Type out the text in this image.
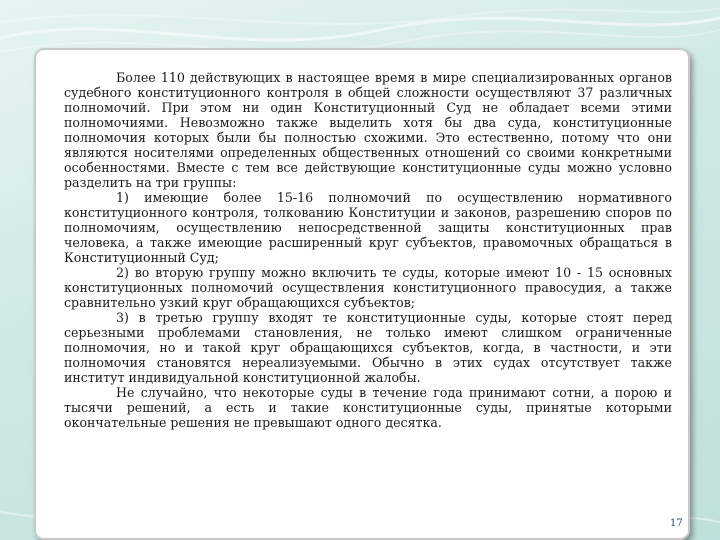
Более 110 действующих в настоящее время в мире специализированных органов судебного конституционного контроля в общей сложности осуществляют 37 различных полномочий. При этом ни один Конституционный Суд не обладает всеми этими полномочиями. Невозможно также выделить хотя бы два суда, конституционные полномочия которых были бы полностью схожими. Это естественно, потому что они являются носителями определенных общественных отношений со своими конкретными особенностями. Вместе с тем все действующие конституционные суды можно условно разделить на три группы:

1) имеющие более 15-16 полномочий по осуществлению нормативного конституционного контроля, толкованию Конституции и законов, разрешению споров по полномочиям, осуществлению непосредственной защиты конституционных прав человека, а также имеющие расширенный круг субъектов, правомочных обращаться в Конституционный Суд;

2) во вторую группу можно включить те суды, которые имеют 10 - 15 основных конституционных полномочий осуществления конституционного правосудия, а также сравнительно узкий круг обращающихся субъектов;

3) в третью группу входят те конституционные суды, которые стоят перед серьезными проблемами становления, не только имеют слишком ограниченные полномочия, но и такой круг обращающихся субъектов, когда, в частности, и эти полномочия становятся нереализуемыми. Обычно в этих судах отсутствует также институт индивидуальной конституционной жалобы.

Не случайно, что некоторые суды в течение года принимают сотни, а порою и тысячи решений, а есть и такие конституционные суды, принятые которыми окончательные решения не превышают одного десятка.

17
